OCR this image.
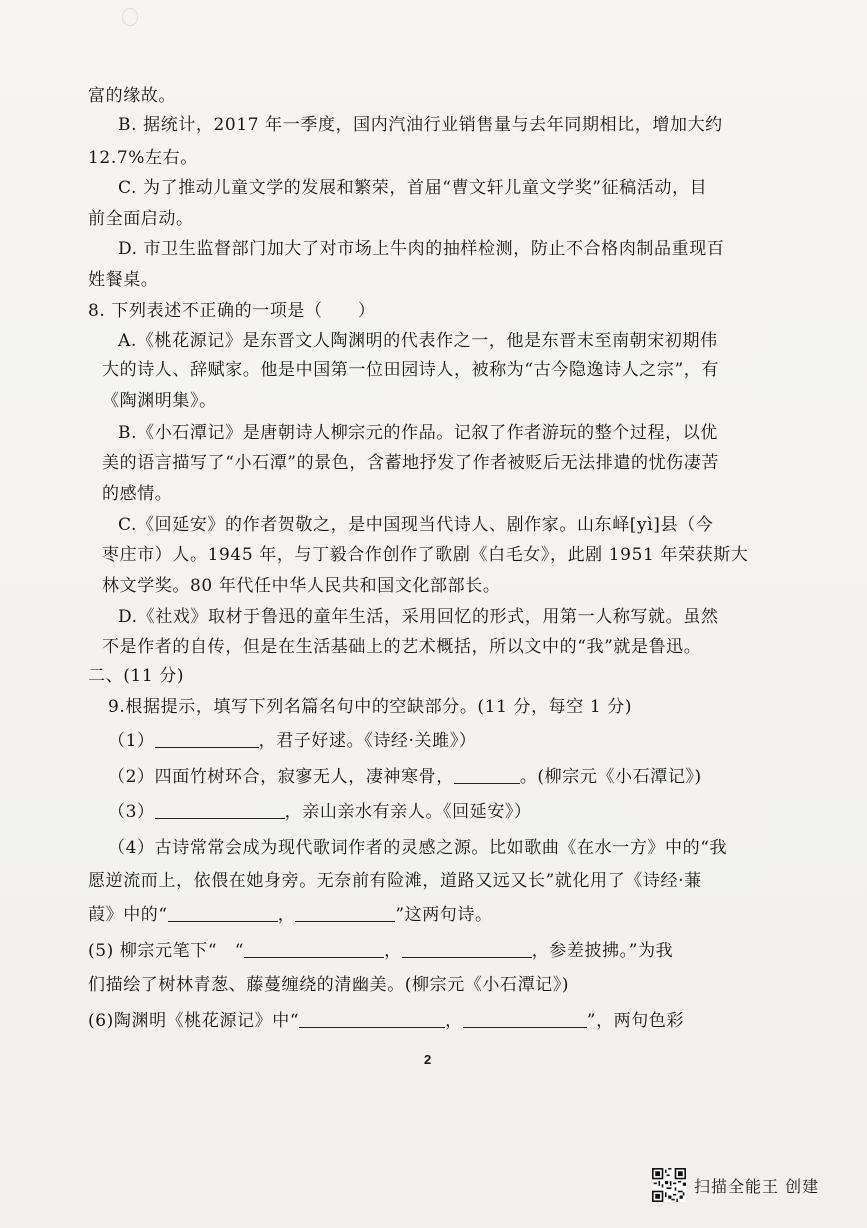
富的缘故。
B. 据统计，2017 年一季度，国内汽油行业销售量与去年同期相比，增加大约
12.7%左右。
C. 为了推动儿童文学的发展和繁荣，首届“曹文轩儿童文学奖”征稿活动，目
前全面启动。
D. 市卫生监督部门加大了对市场上牛肉的抽样检测，防止不合格肉制品重现百
姓餐桌。
8. 下列表述不正确的一项是（　　）
A.《桃花源记》是东晋文人陶渊明的代表作之一，他是东晋末至南朝宋初期伟
大的诗人、辞赋家。他是中国第一位田园诗人，被称为“古今隐逸诗人之宗”，有
《陶渊明集》。
B.《小石潭记》是唐朝诗人柳宗元的作品。记叙了作者游玩的整个过程，以优
美的语言描写了“小石潭”的景色，含蓄地抒发了作者被贬后无法排遣的忧伤凄苦
的感情。
C.《回延安》的作者贺敬之，是中国现当代诗人、剧作家。山东峄[yì]县（今
枣庄市）人。1945 年，与丁毅合作创作了歌剧《白毛女》，此剧 1951 年荣获斯大
林文学奖。80 年代任中华人民共和国文化部部长。
D.《社戏》取材于鲁迅的童年生活，采用回忆的形式，用第一人称写就。虽然
不是作者的自传，但是在生活基础上的艺术概括，所以文中的“我”就是鲁迅。
二、(11 分)
9.根据提示，填写下列名篇名句中的空缺部分。(11 分，每空 1 分)
（1）	，君子好逑。《诗经·关雎》）
（2）四面竹树环合，寂寥无人，凄神寒骨，	。(柳宗元《小石潭记》)
（3）	，亲山亲水有亲人。《回延安》）
（4）古诗常常会成为现代歌词作者的灵感之源。比如歌曲《在水一方》中的“我
愿逆流而上，依偎在她身旁。无奈前有险滩，道路又远又长”就化用了《诗经·蒹
葭》中的“	，	”这两句诗。
(5) 柳宗元笔下“　“	，	，参差披拂。”为我
们描绘了树林青葱、藤蔓缠绕的清幽美。(柳宗元《小石潭记》)
(6)陶渊明《桃花源记》中“	，	”，两句色彩
2
扫描全能王 创建
